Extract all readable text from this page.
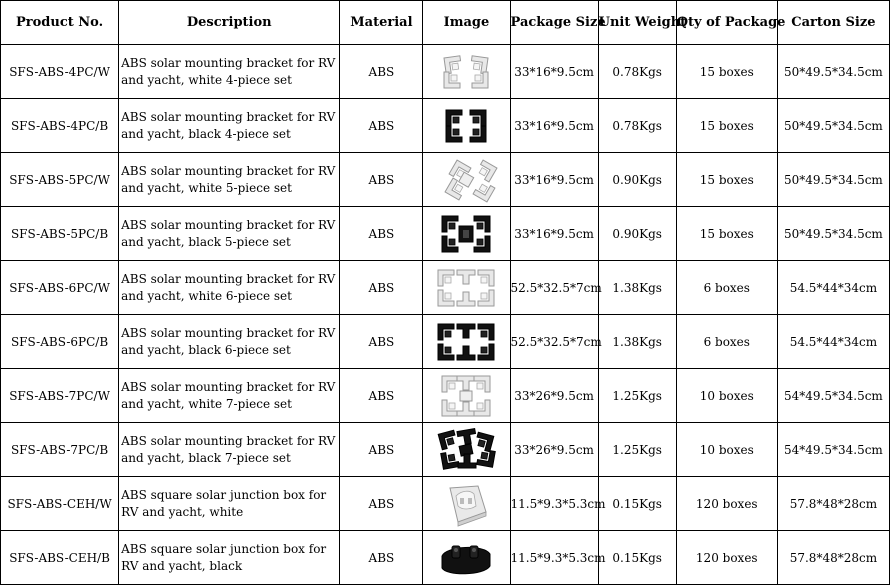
Product No.	Description	Material	Image	Package Size	Unit Weight	Qty of Package	Carton Size
SFS-ABS-4PC/W	ABS solar mounting bracket for RV and yacht, white 4-piece set	ABS		33*16*9.5cm	0.78Kgs	15 boxes	50*49.5*34.5cm
SFS-ABS-4PC/B	ABS solar mounting bracket for RV and yacht, black 4-piece set	ABS		33*16*9.5cm	0.78Kgs	15 boxes	50*49.5*34.5cm
SFS-ABS-5PC/W	ABS solar mounting bracket for RV and yacht, white 5-piece set	ABS		33*16*9.5cm	0.90Kgs	15 boxes	50*49.5*34.5cm
SFS-ABS-5PC/B	ABS solar mounting bracket for RV and yacht, black 5-piece set	ABS		33*16*9.5cm	0.90Kgs	15 boxes	50*49.5*34.5cm
SFS-ABS-6PC/W	ABS solar mounting bracket for RV and yacht, white 6-piece set	ABS		52.5*32.5*7cm	1.38Kgs	6 boxes	54.5*44*34cm
SFS-ABS-6PC/B	ABS solar mounting bracket for RV and yacht, black 6-piece set	ABS		52.5*32.5*7cm	1.38Kgs	6 boxes	54.5*44*34cm
SFS-ABS-7PC/W	ABS solar mounting bracket for RV and yacht, white 7-piece set	ABS		33*26*9.5cm	1.25Kgs	10 boxes	54*49.5*34.5cm
SFS-ABS-7PC/B	ABS solar mounting bracket for RV and yacht, black 7-piece set	ABS		33*26*9.5cm	1.25Kgs	10 boxes	54*49.5*34.5cm
SFS-ABS-CEH/W	ABS square solar junction box for RV and yacht, white	ABS		11.5*9.3*5.3cm	0.15Kgs	120 boxes	57.8*48*28cm
SFS-ABS-CEH/B	ABS square solar junction box for RV and yacht, black	ABS		11.5*9.3*5.3cm	0.15Kgs	120 boxes	57.8*48*28cm
